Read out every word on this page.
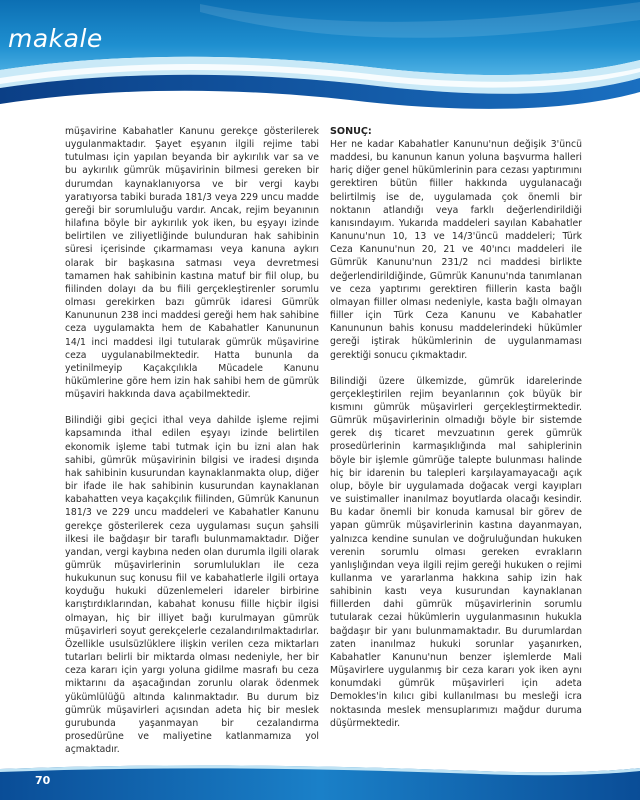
makale

müşavirine Kabahatler Kanunu gerekçe gösterilerek uygulanmaktadır. Şayet eşyanın ilgili rejime tabi tutulması için yapılan beyanda bir aykırılık var sa ve bu aykırılık gümrük müşavirinin bilmesi gereken bir durumdan kaynaklanıyorsa ve bir vergi kaybı yaratıyorsa tabiki burada 181/3 veya 229 uncu madde gereği bir sorumluluğu vardır. Ancak, rejim beyanının hilafına böyle bir aykırılık yok iken, bu eşyayı izinde belirtilen ve ziliyetliğinde bulunduran hak sahibinin süresi içerisinde çıkarmaması veya kanuna aykırı olarak bir başkasına satması veya devretmesi tamamen hak sahibinin kastına matuf bir fiil olup, bu fiilinden dolayı da bu fiili gerçekleştirenler sorumlu olması gerekirken bazı gümrük idaresi Gümrük Kanununun 238 inci maddesi gereği hem hak sahibine ceza uygulamakta hem de Kabahatler Kanununun 14/1 inci maddesi ilgi tutularak gümrük müşavirine ceza uygulanabilmektedir. Hatta bununla da yetinilmeyip Kaçakçılıkla Mücadele Kanunu hükümlerine göre hem izin hak sahibi hem de gümrük müşaviri hakkında dava açabilmektedir.

Bilindiği gibi geçici ithal veya dahilde işleme rejimi kapsamında ithal edilen eşyayı izinde belirtilen ekonomik işleme tabi tutmak için bu izni alan hak sahibi, gümrük müşavirinin bilgisi ve iradesi dışında hak sahibinin kusurundan kaynaklanmakta olup, diğer bir ifade ile hak sahibinin kusurundan kaynaklanan kabahatten veya kaçakçılık fiilinden, Gümrük Kanunun 181/3 ve 229 uncu maddeleri ve Kabahatler Kanunu gerekçe gösterilerek ceza uygulaması suçun şahsili ilkesi ile bağdaşır bir taraflı bulunmamaktadır. Diğer yandan, vergi kaybına neden olan durumla ilgili olarak gümrük müşavirlerinin sorumlulukları ile ceza hukukunun suç konusu fiil ve kabahatlerle ilgili ortaya koyduğu hukuki düzenlemeleri idareler birbirine karıştırdıklarından, kabahat konusu fiille hiçbir ilgisi olmayan, hiç bir illiyet bağı kurulmayan gümrük müşavirleri soyut gerekçelerle cezalandırılmaktadırlar. Özellikle usulsüzlüklere ilişkin verilen ceza miktarları tutarları belirli bir miktarda olması nedeniyle, her bir ceza kararı için yargı yoluna gidilme masrafı bu ceza miktarını da aşacağından zorunlu olarak ödenmek yükümlülüğü altında kalınmaktadır. Bu durum biz gümrük müşavirleri açısından adeta hiç bir meslek gurubunda yaşanmayan bir cezalandırma prosedürüne ve maliyetine katlanmamıza yol açmaktadır.

SONUÇ:

Her ne kadar Kabahatler Kanunu'nun değişik 3'üncü maddesi, bu kanunun kanun yoluna başvurma halleri hariç diğer genel hükümlerinin para cezası yaptırımını gerektiren bütün fiiller hakkında uygulanacağı belirtilmiş ise de, uygulamada çok önemli bir noktanın atlandığı veya farklı değerlendirildiği kanısındayım. Yukarıda maddeleri sayılan Kabahatler Kanunu'nun 10, 13 ve 14/3'üncü maddeleri; Türk Ceza Kanunu'nun 20, 21 ve 40'ıncı maddeleri ile Gümrük Kanunu'nun 231/2 nci maddesi birlikte değerlendirildiğinde, Gümrük Kanunu'nda tanımlanan ve ceza yaptırımı gerektiren fiillerin kasta bağlı olmayan fiiller olması nedeniyle, kasta bağlı olmayan fiiller için Türk Ceza Kanunu ve Kabahatler Kanununun bahis konusu maddelerindeki hükümler gereği iştirak hükümlerinin de uygulanmaması gerektiği sonucu çıkmaktadır.

Bilindiği üzere ülkemizde, gümrük idarelerinde gerçekleştirilen rejim beyanlarının çok büyük bir kısmını gümrük müşavirleri gerçekleştirmektedir. Gümrük müşavirlerinin olmadığı böyle bir sistemde gerek dış ticaret mevzuatının gerek gümrük prosedürlerinin karmaşıklığında mal sahiplerinin böyle bir işlemle gümrüğe talepte bulunması halinde hiç bir idarenin bu talepleri karşılayamayacağı açık olup, böyle bir uygulamada doğacak vergi kayıpları ve suistimaller inanılmaz boyutlarda olacağı kesindir. Bu kadar önemli bir konuda kamusal bir görev de yapan gümrük müşavirlerinin kastına dayanmayan, yalnızca kendine sunulan ve doğruluğundan hukuken verenin sorumlu olması gereken evrakların yanlışlığından veya ilgili rejim gereği hukuken o rejimi kullanma ve yararlanma hakkına sahip izin hak sahibinin kastı veya kusurundan kaynaklanan fiillerden dahi gümrük müşavirlerinin sorumlu tutularak cezai hükümlerin uygulanmasının hukukla bağdaşır bir yanı bulunmamaktadır. Bu durumlardan zaten inanılmaz hukuki sorunlar yaşanırken, Kabahatler Kanunu'nun benzer işlemlerde Mali Müşavirlere uygulanmış bir ceza kararı yok iken aynı konumdaki gümrük müşavirleri için adeta Demokles'in kılıcı gibi kullanılması bu mesleği icra noktasında meslek mensuplarımızı mağdur duruma düşürmektedir.

70
